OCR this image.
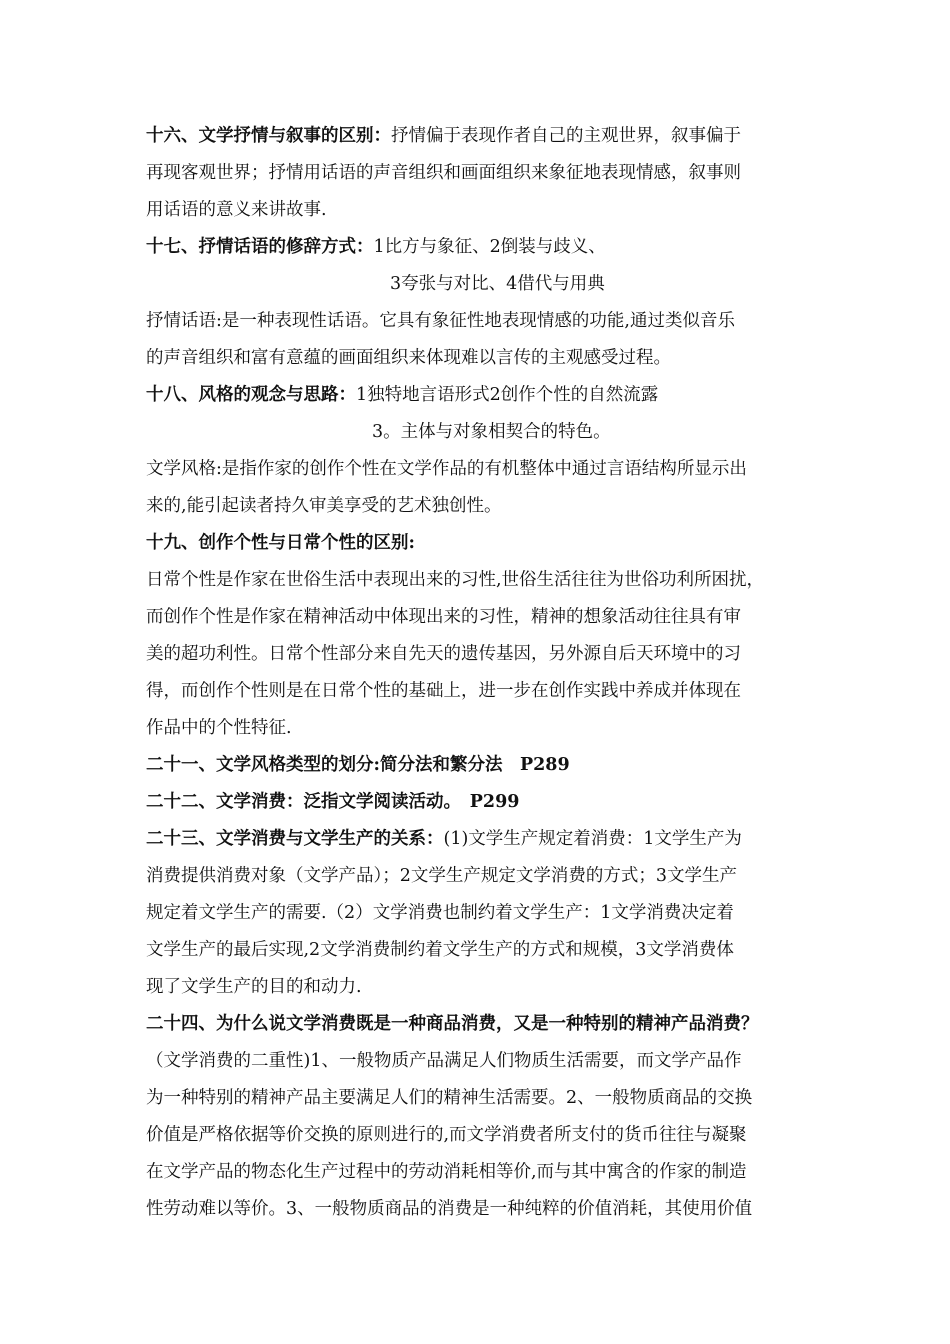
十六、文学抒情与叙事的区别：抒情偏于表现作者自己的主观世界，叙事偏于
再现客观世界；抒情用话语的声音组织和画面组织来象征地表现情感，叙事则
用话语的意义来讲故事.
十七、抒情话语的修辞方式：1比方与象征、2倒装与歧义、
3夸张与对比、4借代与用典
抒情话语:是一种表现性话语。它具有象征性地表现情感的功能,通过类似音乐
的声音组织和富有意蕴的画面组织来体现难以言传的主观感受过程。
十八、风格的观念与思路：1独特地言语形式2创作个性的自然流露
3。主体与对象相契合的特色。
文学风格:是指作家的创作个性在文学作品的有机整体中通过言语结构所显示出
来的,能引起读者持久审美享受的艺术独创性。
十九、创作个性与日常个性的区别:
日常个性是作家在世俗生活中表现出来的习性,世俗生活往往为世俗功利所困扰，
而创作个性是作家在精神活动中体现出来的习性，精神的想象活动往往具有审
美的超功利性。日常个性部分来自先天的遗传基因，另外源自后天环境中的习
得，而创作个性则是在日常个性的基础上，进一步在创作实践中养成并体现在
作品中的个性特征.
二十一、文学风格类型的划分:简分法和繁分法　P289
二十二、文学消费：泛指文学阅读活动。　P299
二十三、文学消费与文学生产的关系：(1)文学生产规定着消费：1文学生产为
消费提供消费对象（文学产品）；2文学生产规定文学消费的方式；3文学生产
规定着文学生产的需要.（2）文学消费也制约着文学生产：1文学消费决定着
文学生产的最后实现,2文学消费制约着文学生产的方式和规模，3文学消费体
现了文学生产的目的和动力.
二十四、为什么说文学消费既是一种商品消费，又是一种特别的精神产品消费？
（文学消费的二重性)1、一般物质产品满足人们物质生活需要，而文学产品作
为一种特别的精神产品主要满足人们的精神生活需要。2、一般物质商品的交换
价值是严格依据等价交换的原则进行的,而文学消费者所支付的货币往往与凝聚
在文学产品的物态化生产过程中的劳动消耗相等价,而与其中寓含的作家的制造
性劳动难以等价。3、一般物质商品的消费是一种纯粹的价值消耗，其使用价值
